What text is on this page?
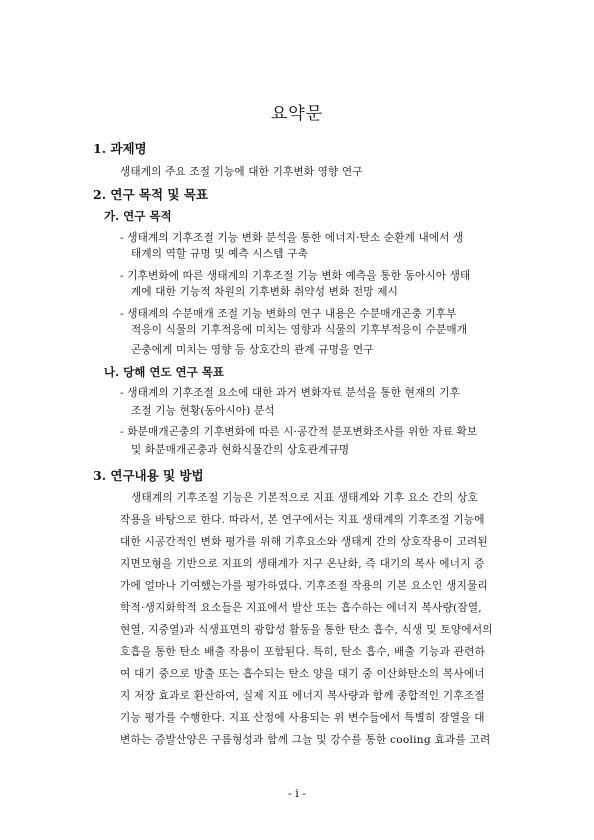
요약문
1. 과제명
생태계의 주요 조절 기능에 대한 기후변화 영향 연구
2. 연구 목적 및 목표
가. 연구 목적
- 생태계의 기후조절 기능 변화 분석을 통한 에너지·탄소 순환계 내에서 생
태계의 역할 규명 및 예측 시스템 구축
- 기후변화에 따른 생태계의 기후조절 기능 변화 예측을 통한 동아시아 생태
계에 대한 기능적 차원의 기후변화 취약성 변화 전망 제시
- 생태계의 수분매개 조절 기능 변화의 연구 내용은 수분매개곤충 기후부
적응이 식물의 기후적응에 미치는 영향과 식물의 기후부적응이 수분매개
곤충에게 미치는 영향 등 상호간의 관계 규명을 연구
나. 당해 연도 연구 목표
- 생태계의 기후조절 요소에 대한 과거 변화자료 분석을 통한 현재의 기후
조절 기능 현황(동아시아) 분석
- 화분매개곤충의 기후변화에 따른 시·공간적 분포변화조사를 위한 자료 확보
및 화분매개곤충과 현화식물간의 상호관계규명
3. 연구내용 및 방법
생태계의 기후조절 기능은 기본적으로 지표 생태계와 기후 요소 간의 상호
작용을 바탕으로 한다. 따라서, 본 연구에서는 지표 생태계의 기후조절 기능에
대한 시공간적인 변화 평가를 위해 기후요소와 생태계 간의 상호작용이 고려된
지면모형을 기반으로 지표의 생태계가 지구 온난화, 즉 대기의 복사 에너지 증
가에 얼마나 기여했는가를 평가하였다. 기후조절 작용의 기본 요소인 생지물리
학적·생지화학적 요소들은 지표에서 발산 또는 흡수하는 에너지 복사량(잠열,
현열, 지중열)과 식생표면의 광합성 활동을 통한 탄소 흡수, 식생 및 토양에서의
호흡을 통한 탄소 배출 작용이 포함된다. 특히, 탄소 흡수, 배출 기능과 관련하
여 대기 중으로 방출 또는 흡수되는 탄소 양을 대기 중 이산화탄소의 복사에너
지 저장 효과로 환산하여, 실제 지표 에너지 복사량과 함께 종합적인 기후조절
기능 평가를 수행한다. 지표 산정에 사용되는 위 변수들에서 특별히 잠열을 대
변하는 증발산양은 구름형성과 함께 그늘 및 강수를 통한 cooling 효과를 고려
- i -
